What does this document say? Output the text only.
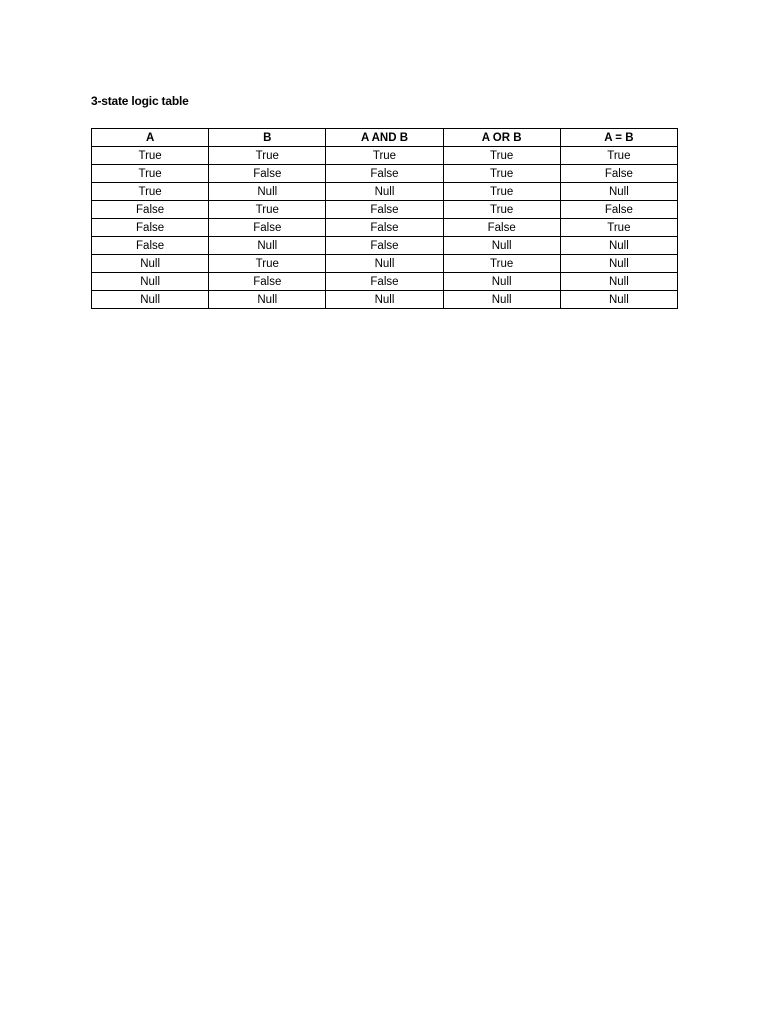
3-state logic table
A	B	A AND B	A OR B	A = B
True	True	True	True	True
True	False	False	True	False
True	Null	Null	True	Null
False	True	False	True	False
False	False	False	False	True
False	Null	False	Null	Null
Null	True	Null	True	Null
Null	False	False	Null	Null
Null	Null	Null	Null	Null
